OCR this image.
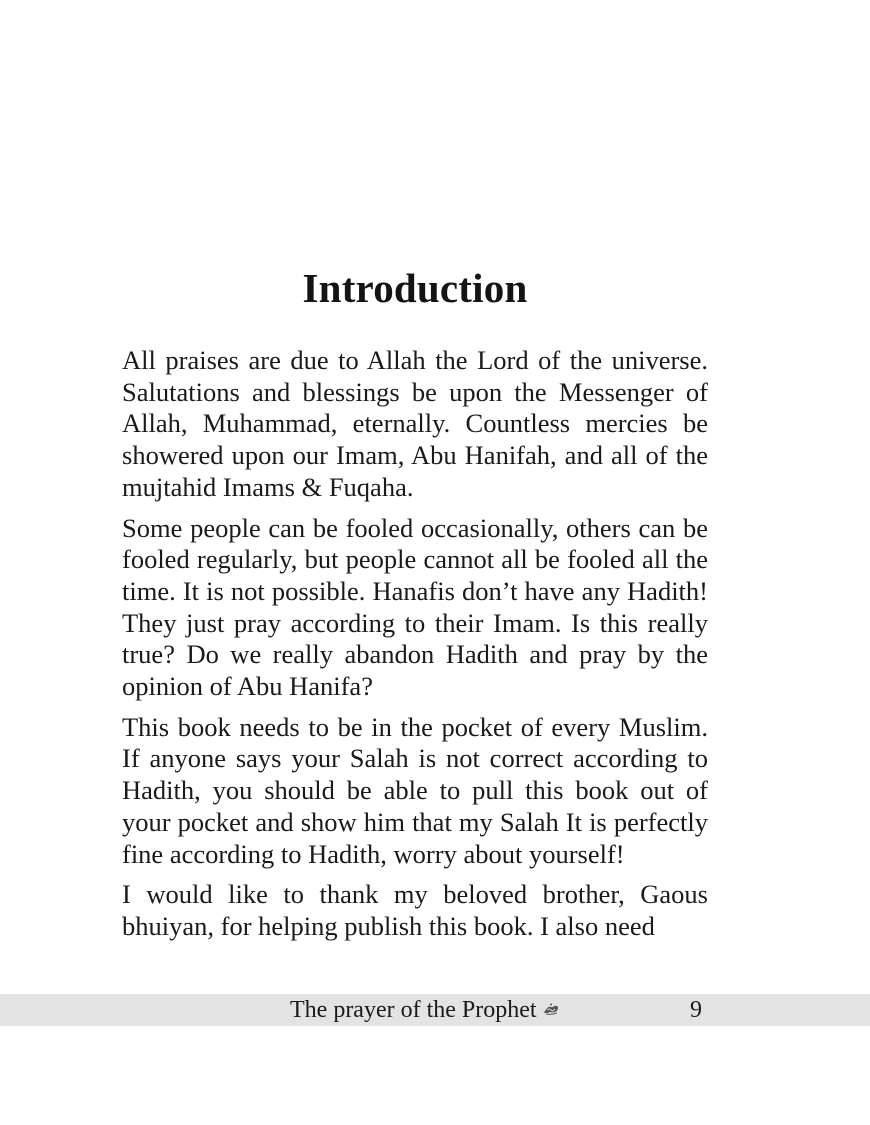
Introduction

All praises are due to Allah the Lord of the universe. Salutations and blessings be upon the Messenger of Allah, Muhammad, eternally. Countless mercies be showered upon our Imam, Abu Hanifah, and all of the mujtahid Imams & Fuqaha.

Some people can be fooled occasionally, others can be fooled regularly, but people cannot all be fooled all the time. It is not possible. Hanafis don’t have any Hadith! They just pray according to their Imam. Is this really true? Do we really abandon Hadith and pray by the opinion of Abu Hanifa?

This book needs to be in the pocket of every Muslim. If anyone says your Salah is not correct according to Hadith, you should be able to pull this book out of your pocket and show him that my Salah It is perfectly fine according to Hadith, worry about yourself!

I would like to thank my beloved brother, Gaous bhuiyan, for helping publish this book. I also need

The prayer of the Prophet	9
